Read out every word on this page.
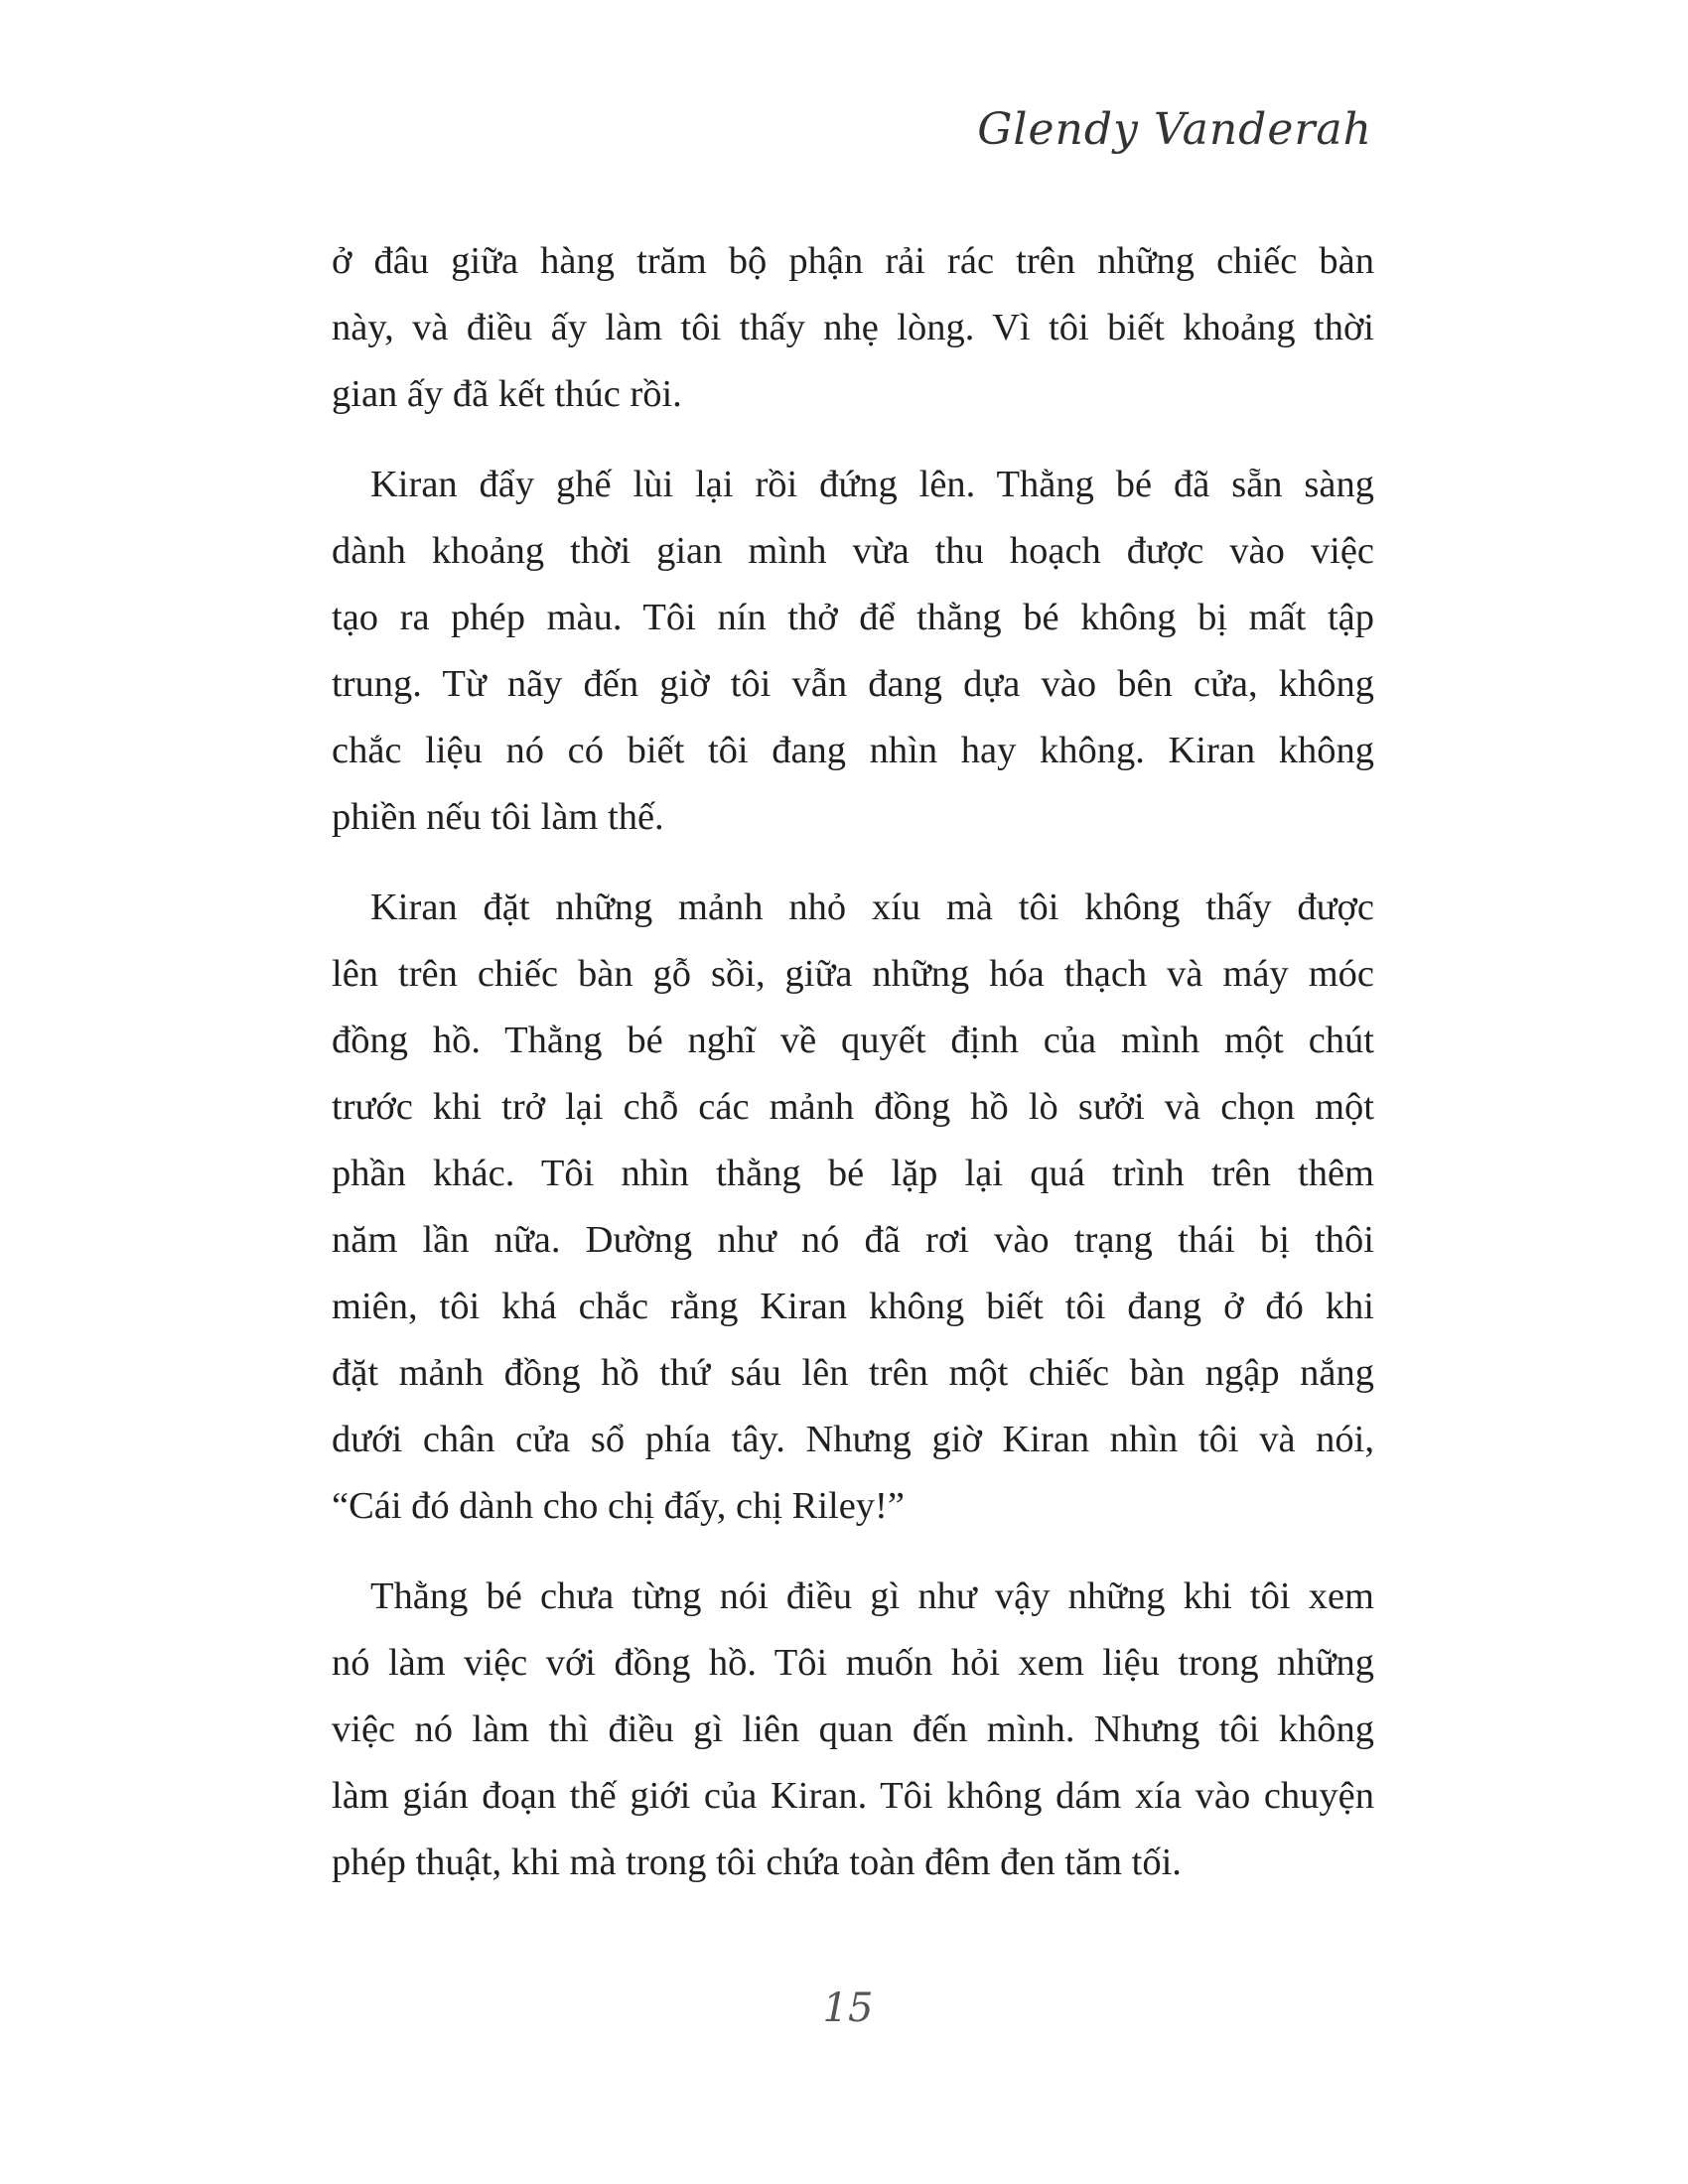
Glendy Vanderah
ở đâu giữa hàng trăm bộ phận rải rác trên những chiếc bàn
này, và điều ấy làm tôi thấy nhẹ lòng. Vì tôi biết khoảng thời
gian ấy đã kết thúc rồi.
Kiran đẩy ghế lùi lại rồi đứng lên. Thằng bé đã sẵn sàng
dành khoảng thời gian mình vừa thu hoạch được vào việc
tạo ra phép màu. Tôi nín thở để thằng bé không bị mất tập
trung. Từ nãy đến giờ tôi vẫn đang dựa vào bên cửa, không
chắc liệu nó có biết tôi đang nhìn hay không. Kiran không
phiền nếu tôi làm thế.
Kiran đặt những mảnh nhỏ xíu mà tôi không thấy được
lên trên chiếc bàn gỗ sồi, giữa những hóa thạch và máy móc
đồng hồ. Thằng bé nghĩ về quyết định của mình một chút
trước khi trở lại chỗ các mảnh đồng hồ lò sưởi và chọn một
phần khác. Tôi nhìn thằng bé lặp lại quá trình trên thêm
năm lần nữa. Dường như nó đã rơi vào trạng thái bị thôi
miên, tôi khá chắc rằng Kiran không biết tôi đang ở đó khi
đặt mảnh đồng hồ thứ sáu lên trên một chiếc bàn ngập nắng
dưới chân cửa sổ phía tây. Nhưng giờ Kiran nhìn tôi và nói,
“Cái đó dành cho chị đấy, chị Riley!”
Thằng bé chưa từng nói điều gì như vậy những khi tôi xem
nó làm việc với đồng hồ. Tôi muốn hỏi xem liệu trong những
việc nó làm thì điều gì liên quan đến mình. Nhưng tôi không
làm gián đoạn thế giới của Kiran. Tôi không dám xía vào chuyện
phép thuật, khi mà trong tôi chứa toàn đêm đen tăm tối.
15
